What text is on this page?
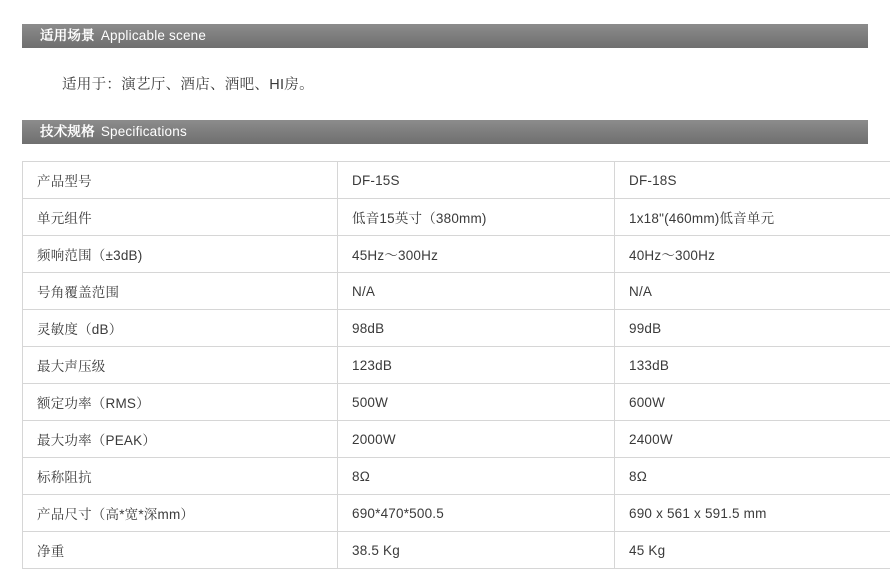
适用场景 Applicable scene
适用于：演艺厅、酒店、酒吧、HI房。
技术规格 Specifications
产品型号	DF-15S	DF-18S
单元组件	低音15英寸（380mm)	1x18"(460mm)低音单元
频响范围（±3dB)	45Hz～300Hz	40Hz～300Hz
号角覆盖范围	N/A	N/A
灵敏度（dB）	98dB	99dB
最大声压级	123dB	133dB
额定功率（RMS）	500W	600W
最大功率（PEAK）	2000W	2400W
标称阻抗	8Ω	8Ω
产品尺寸（高*宽*深mm）	690*470*500.5	690 x 561 x 591.5 mm
净重	38.5 Kg	45 Kg
